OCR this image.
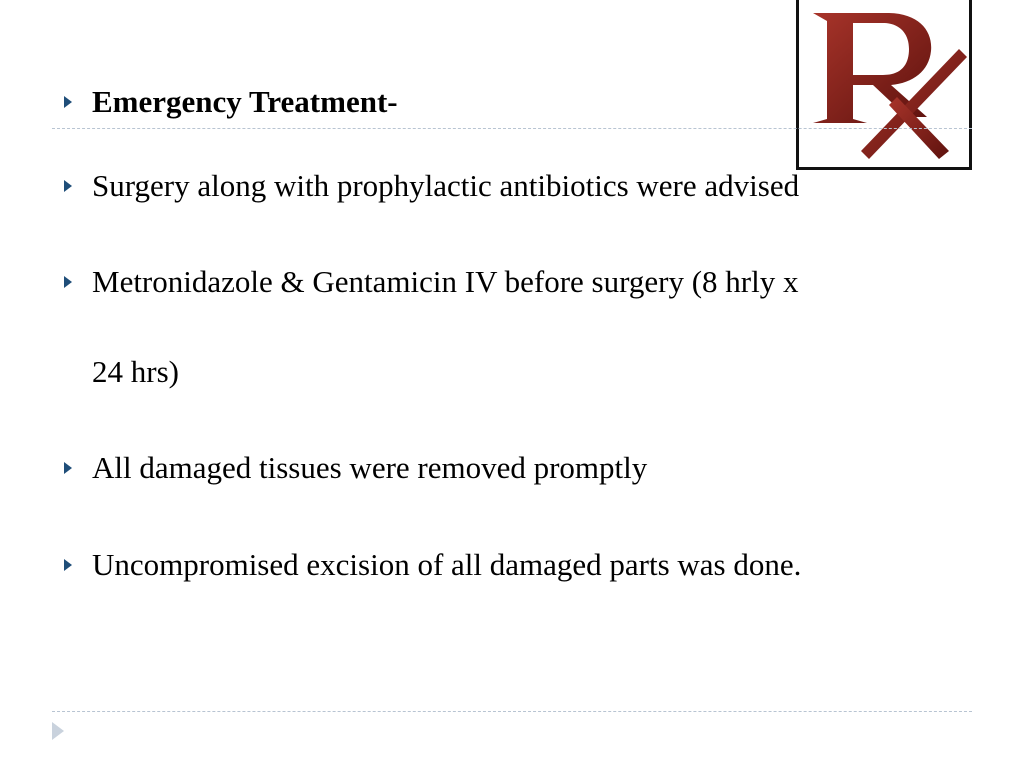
Emergency Treatment-
Surgery along with prophylactic antibiotics were advised
Metronidazole & Gentamicin IV before surgery (8 hrly x
24 hrs)
All damaged tissues were removed promptly
Uncompromised excision of all damaged parts was done.
